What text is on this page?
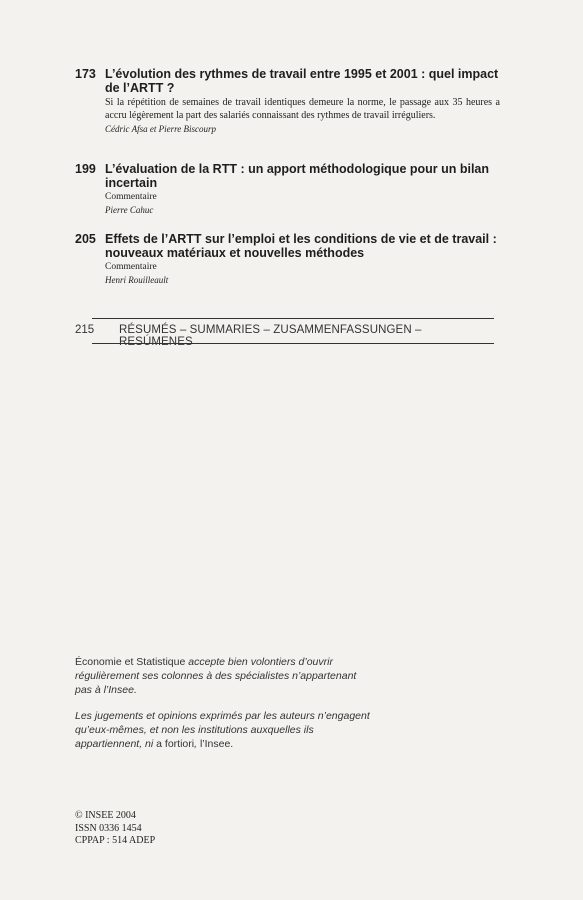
173 L’évolution des rythmes de travail entre 1995 et 2001 : quel impact de l’ARTT ?

Si la répétition de semaines de travail identiques demeure la norme, le passage aux 35 heures a accru légèrement la part des salariés connaissant des rythmes de travail irréguliers.

Cédric Afsa et Pierre Biscourp

199 L’évaluation de la RTT : un apport méthodologique pour un bilan incertain

Commentaire

Pierre Cahuc

205 Effets de l’ARTT sur l’emploi et les conditions de vie et de travail : nouveaux matériaux et nouvelles méthodes

Commentaire

Henri Rouilleault

215 RÉSUMÉS – SUMMARIES – ZUSAMMENFASSUNGEN – RESÚMENES
Économie et Statistique accepte bien volontiers d’ouvrir régulièrement ses colonnes à des spécialistes n’appartenant pas à l’Insee.
Les jugements et opinions exprimés par les auteurs n’engagent qu’eux-mêmes, et non les institutions auxquelles ils appartiennent, ni a fortiori, l’Insee.
© INSEE 2004
ISSN 0336 1454
CPPAP : 514 ADEP
